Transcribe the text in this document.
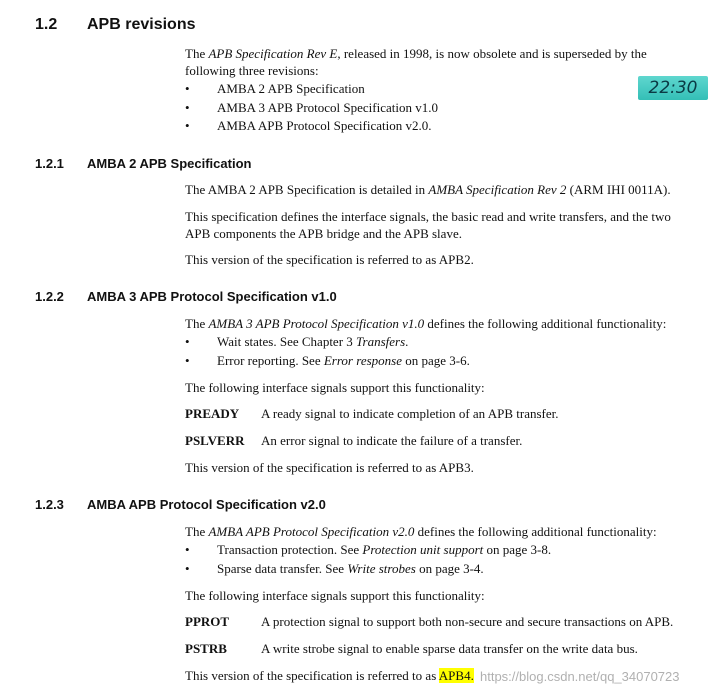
1.2 APB revisions
The APB Specification Rev E, released in 1998, is now obsolete and is superseded by the
following three revisions:
• AMBA 2 APB Specification
• AMBA 3 APB Protocol Specification v1.0
• AMBA APB Protocol Specification v2.0.
22:30
1.2.1 AMBA 2 APB Specification
The AMBA 2 APB Specification is detailed in AMBA Specification Rev 2 (ARM IHI 0011A).
This specification defines the interface signals, the basic read and write transfers, and the two
APB components the APB bridge and the APB slave.
This version of the specification is referred to as APB2.
1.2.2 AMBA 3 APB Protocol Specification v1.0
The AMBA 3 APB Protocol Specification v1.0 defines the following additional functionality:
• Wait states. See Chapter 3 Transfers.
• Error reporting. See Error response on page 3-6.
The following interface signals support this functionality:
PREADY A ready signal to indicate completion of an APB transfer.
PSLVERR An error signal to indicate the failure of a transfer.
This version of the specification is referred to as APB3.
1.2.3 AMBA APB Protocol Specification v2.0
The AMBA APB Protocol Specification v2.0 defines the following additional functionality:
• Transaction protection. See Protection unit support on page 3-8.
• Sparse data transfer. See Write strobes on page 3-4.
The following interface signals support this functionality:
PPROT A protection signal to support both non-secure and secure transactions on APB.
PSTRB	A write strobe signal to enable sparse data transfer on the write data bus.
This version of the specification is referred to as APB4. https://blog.csdn.net/qq_34070723
